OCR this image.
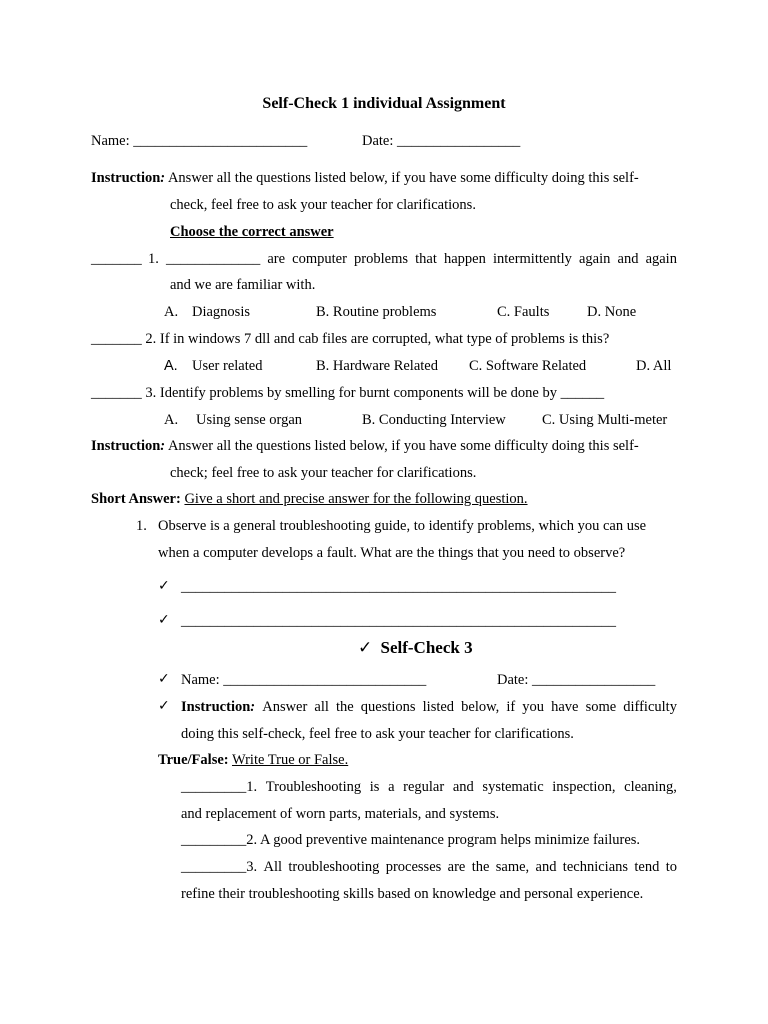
Self-Check 1 individual Assignment
Name: ________________________	Date: _________________
Instruction: Answer all the questions listed below, if you have some difficulty doing this self-
check, feel free to ask your teacher for clarifications.
Choose the correct answer
_______ 1. _____________ are computer problems that happen intermittently again and again
and we are familiar with.
A. Diagnosis	B. Routine problems	C. Faults	D. None
_______ 2. If in windows 7 dll and cab files are corrupted, what type of problems is this?
A. User related	B. Hardware Related C. Software Related	D. All
_______ 3. Identify problems by smelling for burnt components will be done by ______
A. Using sense organ	B. Conducting Interview C. Using Multi-meter
Instruction: Answer all the questions listed below, if you have some difficulty doing this self-
check; feel free to ask your teacher for clarifications.
Short Answer: Give a short and precise answer for the following question.
1. Observe is a general troubleshooting guide, to identify problems, which you can use
when a computer develops a fault. What are the things that you need to observe?
✓ ____________________________________________________________
✓ ____________________________________________________________
✓ Self-Check 3
✓ Name: ____________________________	Date: _________________
✓ Instruction: Answer all the questions listed below, if you have some difficulty
doing this self-check, feel free to ask your teacher for clarifications.
True/False: Write True or False.
_________1. Troubleshooting is a regular and systematic inspection, cleaning,
and replacement of worn parts, materials, and systems.
_________2. A good preventive maintenance program helps minimize failures.
_________3. All troubleshooting processes are the same, and technicians tend to
refine their troubleshooting skills based on knowledge and personal experience.
